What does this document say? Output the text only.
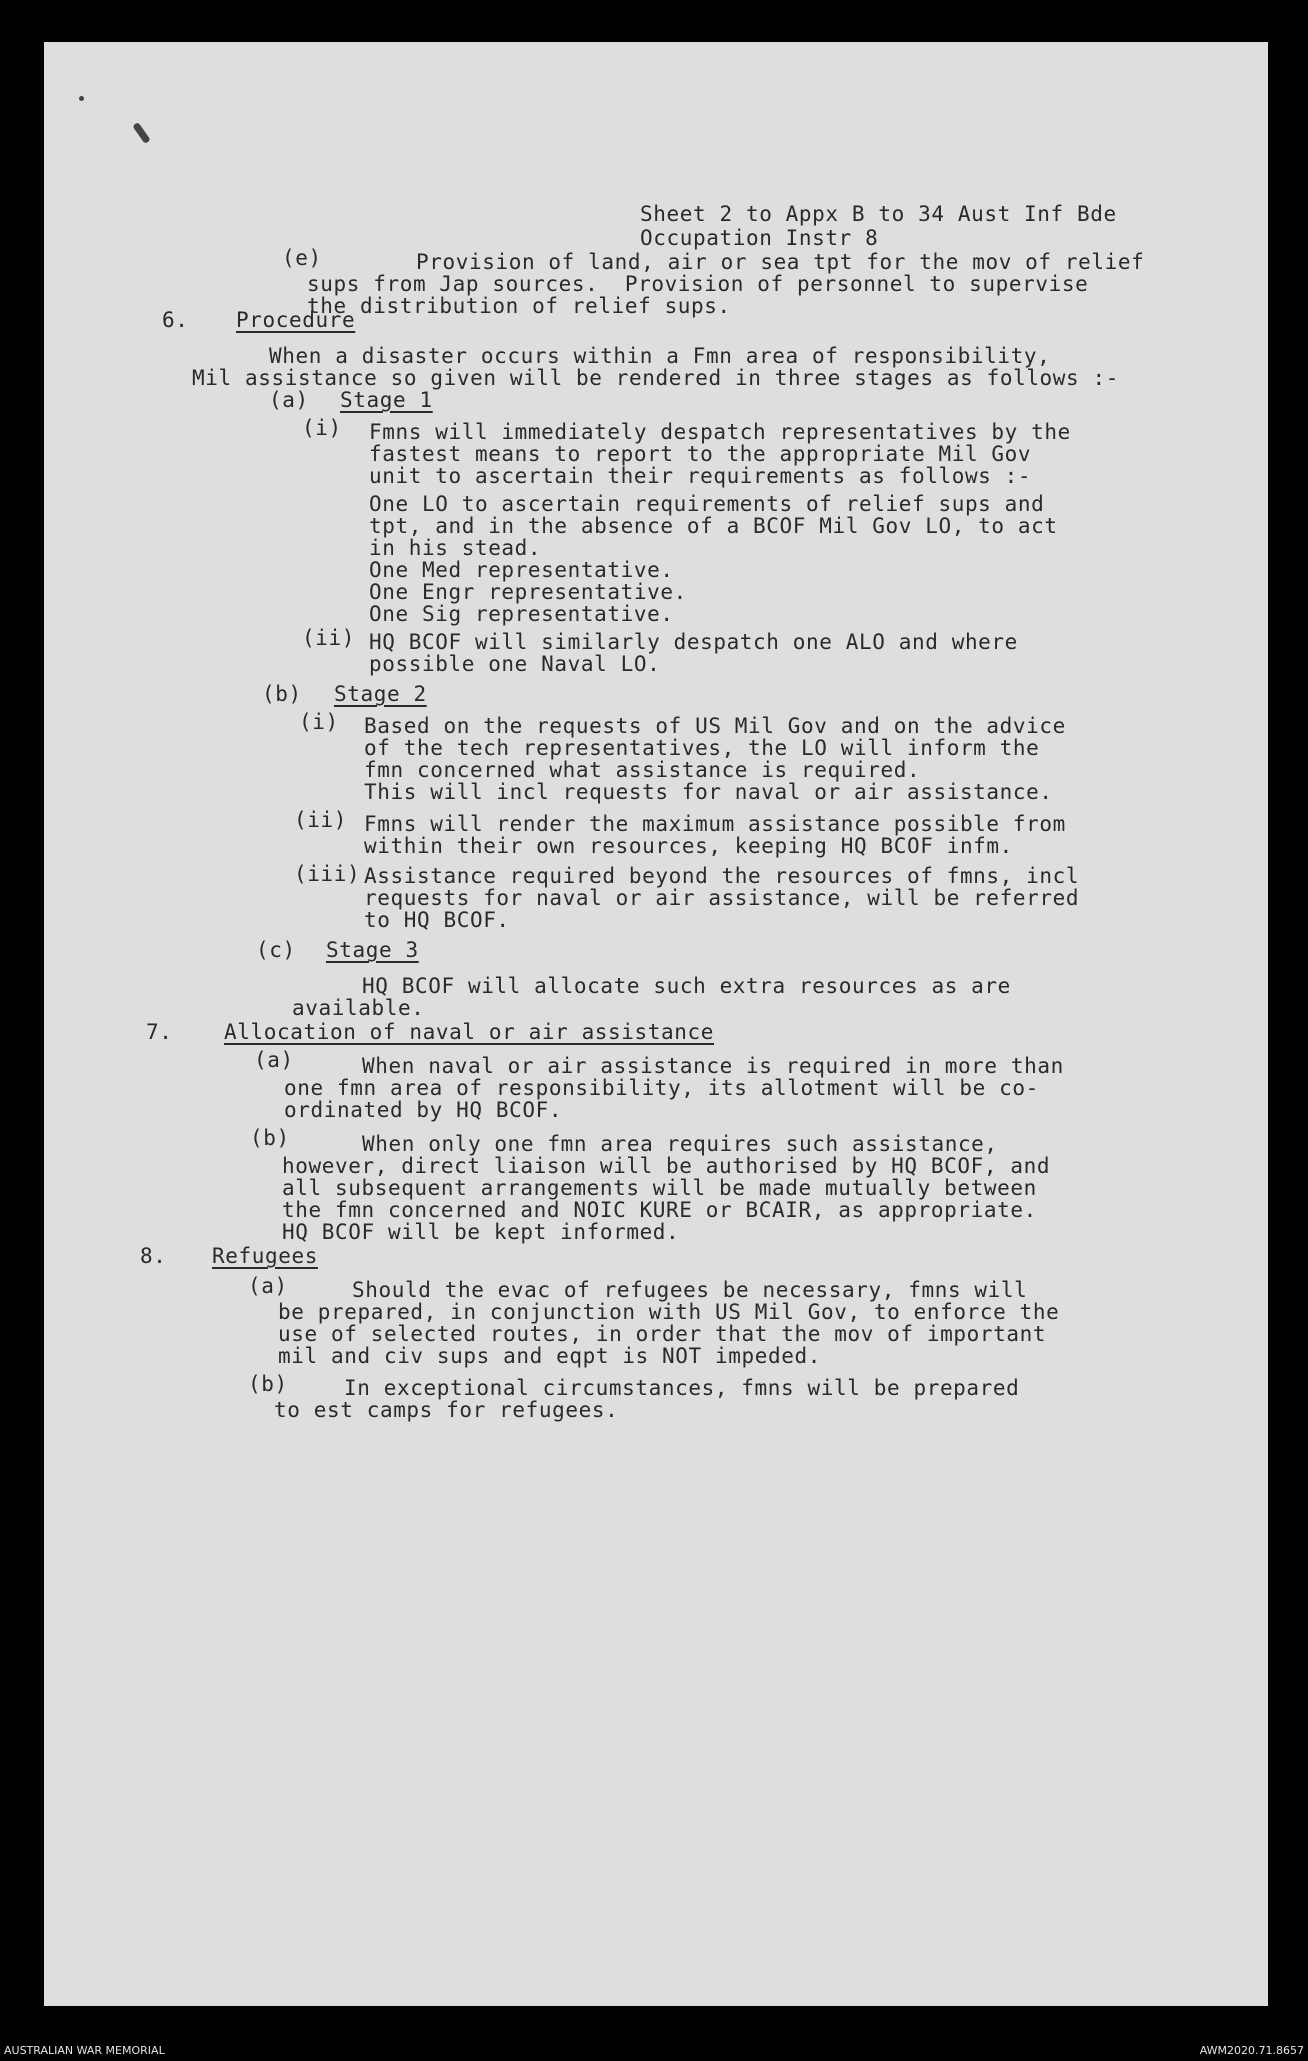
Sheet 2 to Appx B to 34 Aust Inf Bde
Occupation Instr 8
(e)	Provision of land, air or sea tpt for the mov of relief
sups from Jap sources.  Provision of personnel to supervise
the distribution of relief sups.
6. Procedure
When a disaster occurs within a Fmn area of responsibility,
Mil assistance so given will be rendered in three stages as follows :-
(a) Stage 1
(i) Fmns will immediately despatch representatives by the
fastest means to report to the appropriate Mil Gov
unit to ascertain their requirements as follows :-
One LO to ascertain requirements of relief sups and
tpt, and in the absence of a BCOF Mil Gov LO, to act
in his stead.
One Med representative.
One Engr representative.
One Sig representative.
(ii) HQ BCOF will similarly despatch one ALO and where
possible one Naval LO.
(b) Stage 2
(i) Based on the requests of US Mil Gov and on the advice
of the tech representatives, the LO will inform the
fmn concerned what assistance is required.
This will incl requests for naval or air assistance.
(ii) Fmns will render the maximum assistance possible from
within their own resources, keeping HQ BCOF infm.
(iii) Assistance required beyond the resources of fmns, incl
requests for naval or air assistance, will be referred
to HQ BCOF.
(c) Stage 3
HQ BCOF will allocate such extra resources as are
available.
7. Allocation of naval or air assistance
(a)	When naval or air assistance is required in more than
one fmn area of responsibility, its allotment will be co-
ordinated by HQ BCOF.
(b)	When only one fmn area requires such assistance,
however, direct liaison will be authorised by HQ BCOF, and
all subsequent arrangements will be made mutually between
the fmn concerned and NOIC KURE or BCAIR, as appropriate.
HQ BCOF will be kept informed.
8. Refugees
(a)	Should the evac of refugees be necessary, fmns will
be prepared, in conjunction with US Mil Gov, to enforce the
use of selected routes, in order that the mov of important
mil and civ sups and eqpt is NOT impeded.
(b)	In exceptional circumstances, fmns will be prepared
to est camps for refugees.
AUSTRALIAN WAR MEMORIAL	AWM2020.71.8657
